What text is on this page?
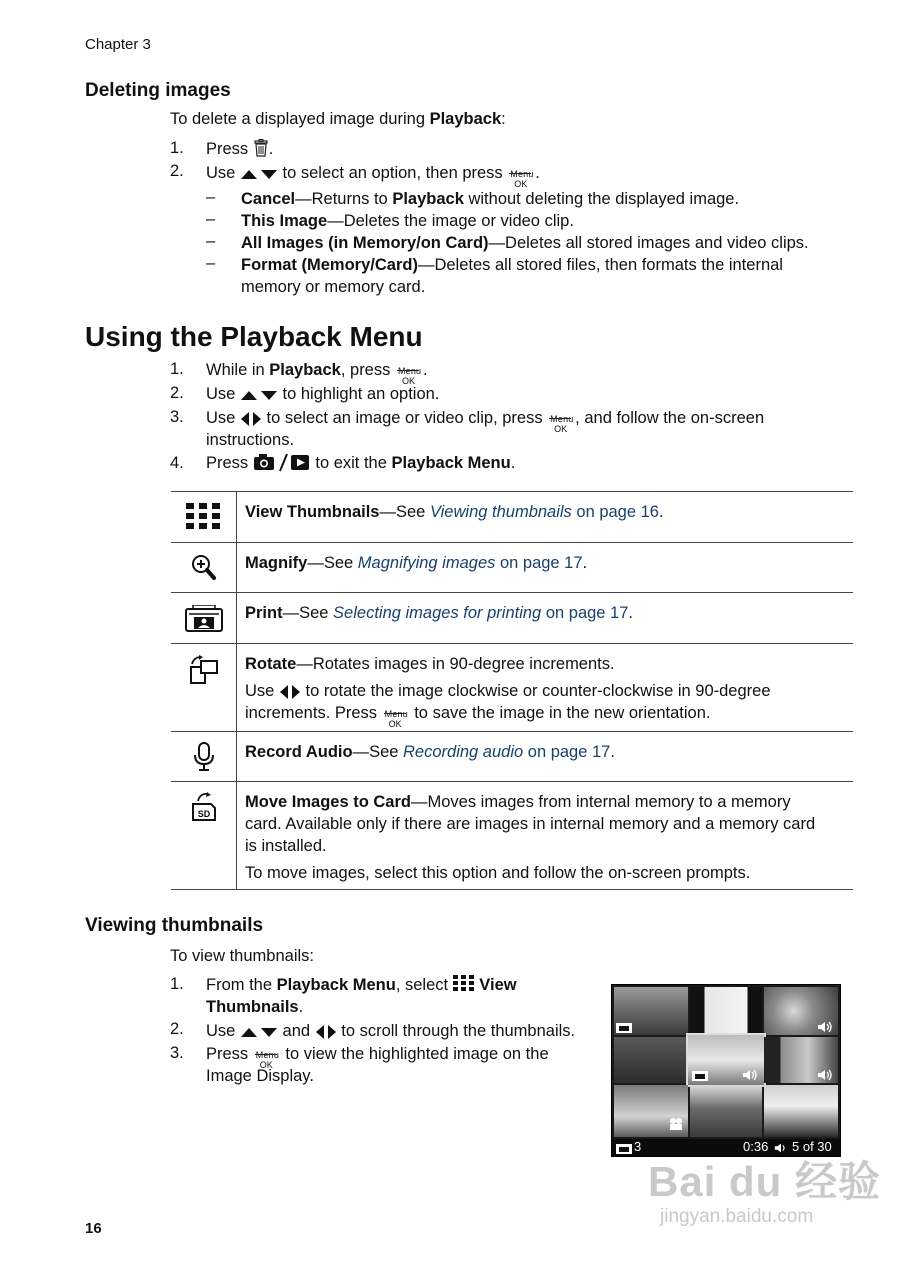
Chapter 3
Deleting images
To delete a displayed image during Playback:
1. Press .
2. Use	to select an option, then press Menu
OK
.
– Cancel—Returns to Playback without deleting the displayed image.
– This Image—Deletes the image or video clip.
– All Images (in Memory/on Card)—Deletes all stored images and video clips.
– Format (Memory/Card)—Deletes all stored files, then formats the internal
memory or memory card.
Using the Playback Menu
1. While in Playback, press Menu
OK
.
2. Use	to highlight an option.
3. Use  to select an image or video clip, press Menu
OK
, and follow the on-screen
instructions.
4. Press	to exit the Playback Menu.
View Thumbnails—See Viewing thumbnails on page 16.
Magnify—See Magnifying images on page 17.
Print—See Selecting images for printing on page 17.
Rotate—Rotates images in 90-degree increments.
Use  to rotate the image clockwise or counter-clockwise in 90-degree
increments. Press Menu
OK
to save the image in the new orientation.
Record Audio—See Recording audio on page 17.
SD
Move Images to Card—Moves images from internal memory to a memory
card. Available only if there are images in internal memory and a memory card
is installed.
To move images, select this option and follow the on-screen prompts.
Viewing thumbnails
To view thumbnails:
1. From the Playback Menu, select  View
Thumbnails.
2. Use	and  to scroll through the thumbnails.
3. Press Menu
OK
to view the highlighted image on the
Image Display.
3	0:36 5 of 30
Bai du 经验
jingyan.baidu.com
16
